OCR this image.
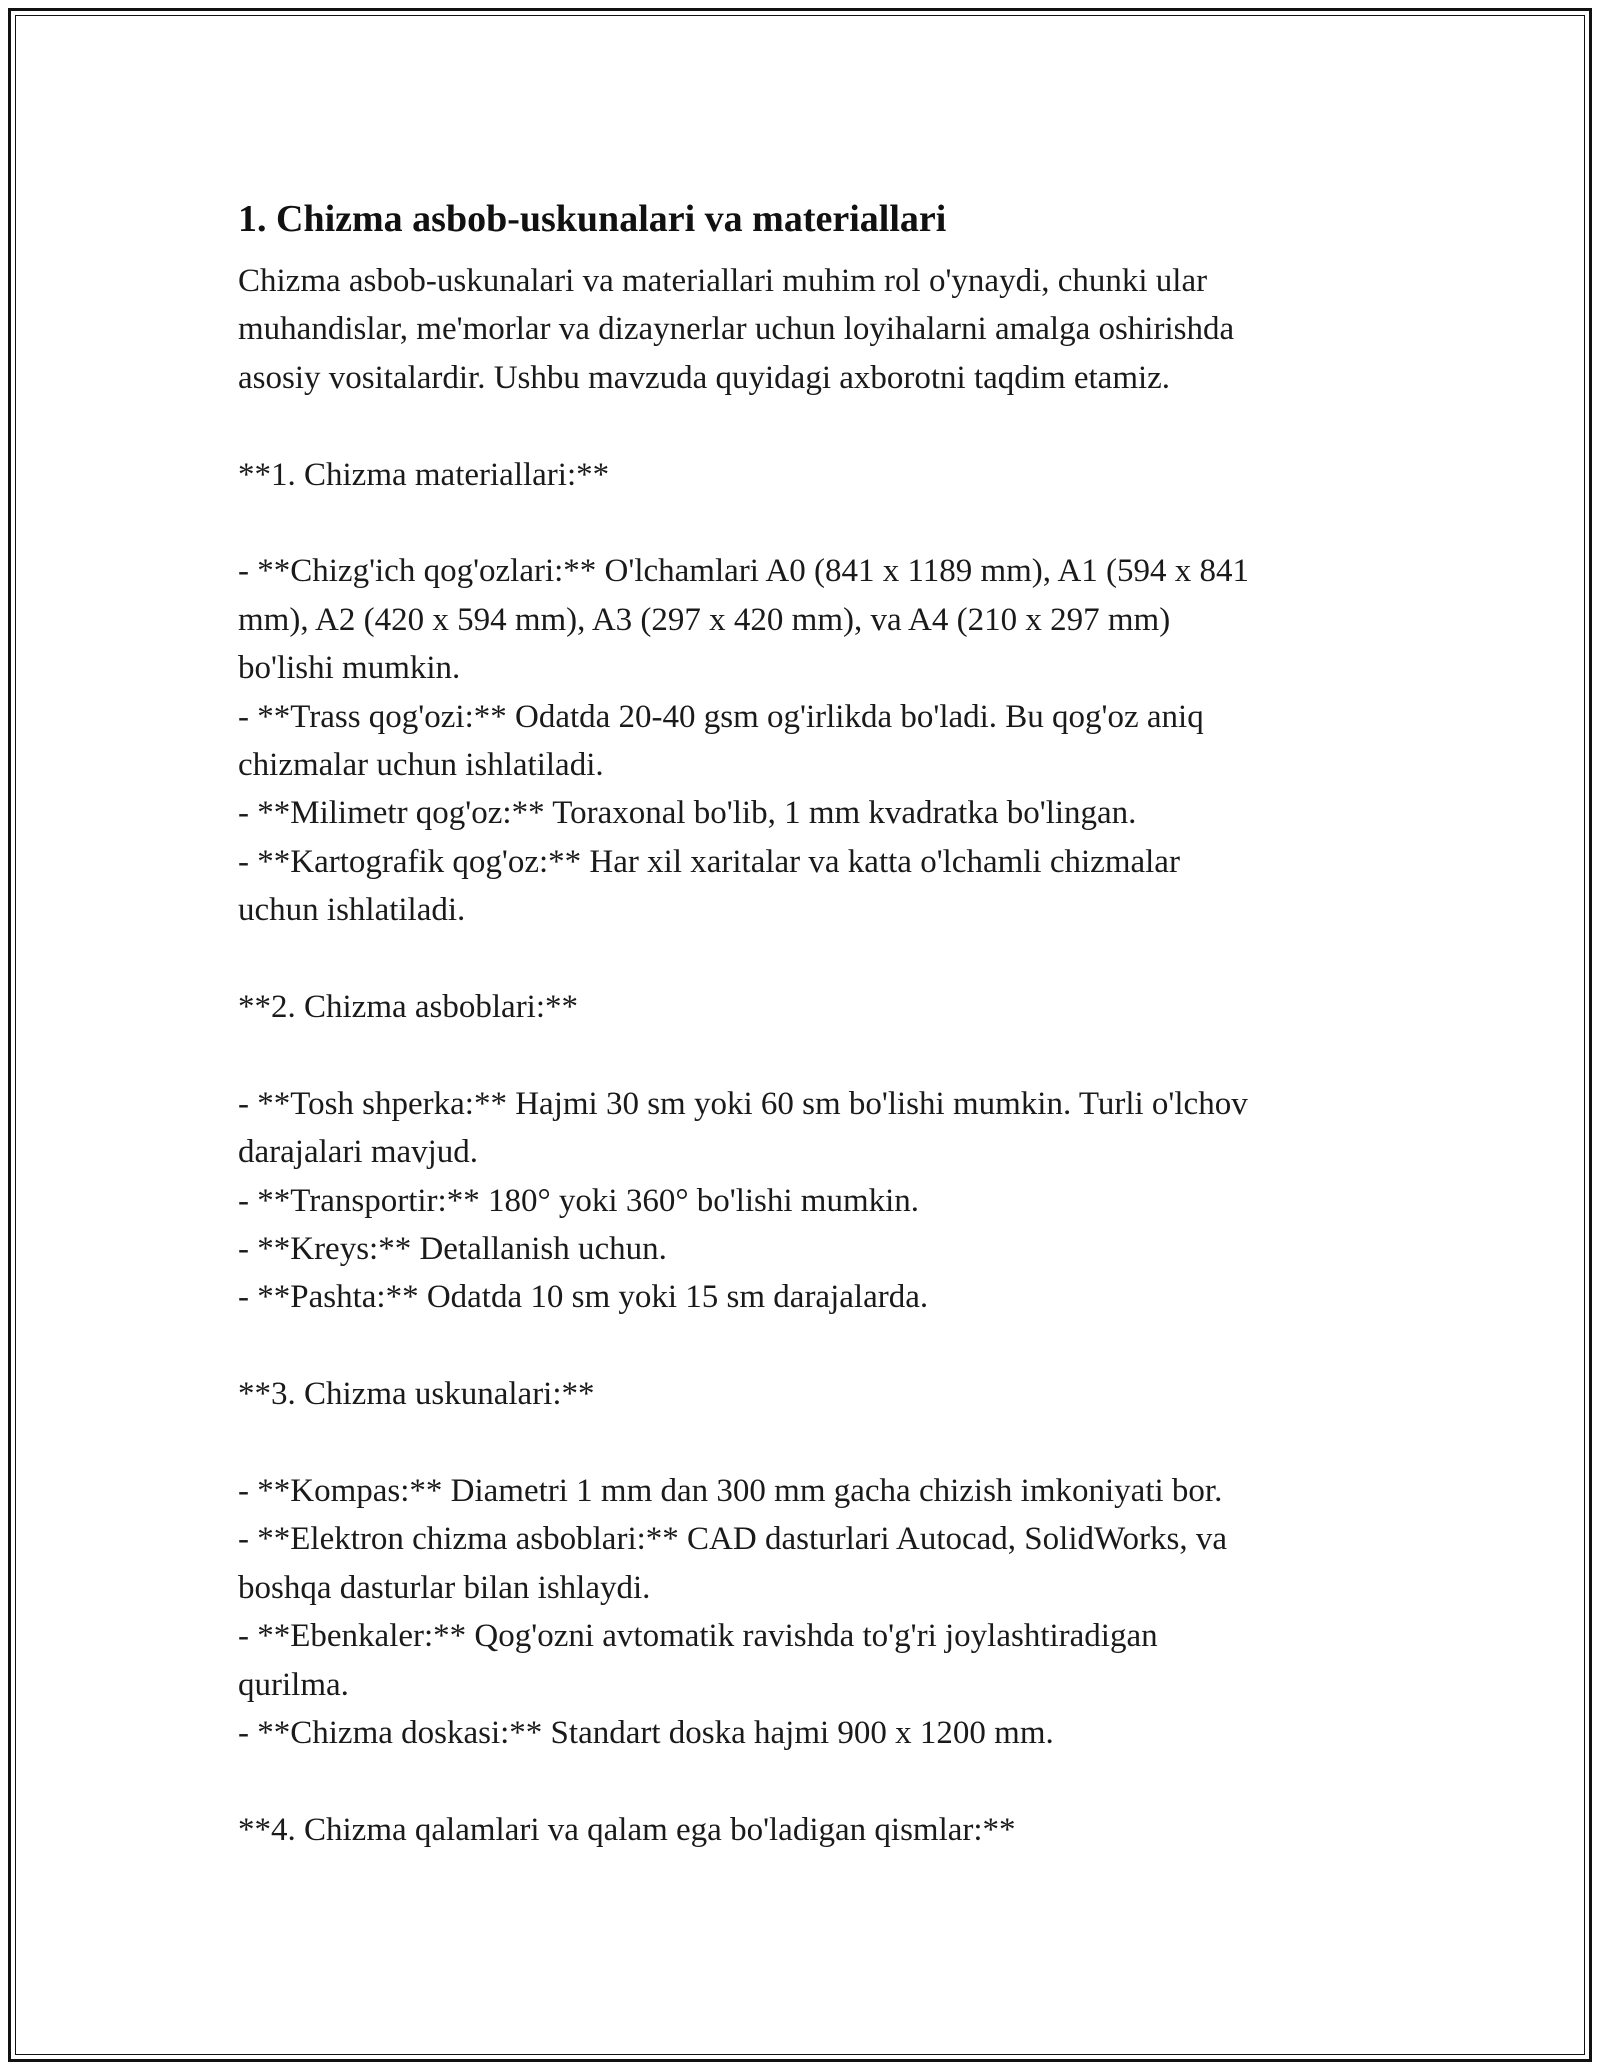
1. Chizma asbob-uskunalari va materiallari

Chizma asbob-uskunalari va materiallari muhim rol o'ynaydi, chunki ular

muhandislar, me'morlar va dizaynerlar uchun loyihalarni amalga oshirishda

asosiy vositalardir. Ushbu mavzuda quyidagi axborotni taqdim etamiz.

**1. Chizma materiallari:**

- **Chizg'ich qog'ozlari:** O'lchamlari A0 (841 x 1189 mm), A1 (594 x 841

mm), A2 (420 x 594 mm), A3 (297 x 420 mm), va A4 (210 x 297 mm)

bo'lishi mumkin.

- **Trass qog'ozi:** Odatda 20-40 gsm og'irlikda bo'ladi. Bu qog'oz aniq

chizmalar uchun ishlatiladi.

- **Milimetr qog'oz:** Toraxonal bo'lib, 1 mm kvadratka bo'lingan.

- **Kartografik qog'oz:** Har xil xaritalar va katta o'lchamli chizmalar

uchun ishlatiladi.

**2. Chizma asboblari:**

- **Tosh shperka:** Hajmi 30 sm yoki 60 sm bo'lishi mumkin. Turli o'lchov

darajalari mavjud.

- **Transportir:** 180° yoki 360° bo'lishi mumkin.

- **Kreys:** Detallanish uchun.

- **Pashta:** Odatda 10 sm yoki 15 sm darajalarda.

**3. Chizma uskunalari:**

- **Kompas:** Diametri 1 mm dan 300 mm gacha chizish imkoniyati bor.

- **Elektron chizma asboblari:** CAD dasturlari Autocad, SolidWorks, va

boshqa dasturlar bilan ishlaydi.

- **Ebenkaler:** Qog'ozni avtomatik ravishda to'g'ri joylashtiradigan

qurilma.

- **Chizma doskasi:** Standart doska hajmi 900 x 1200 mm.

**4. Chizma qalamlari va qalam ega bo'ladigan qismlar:**
